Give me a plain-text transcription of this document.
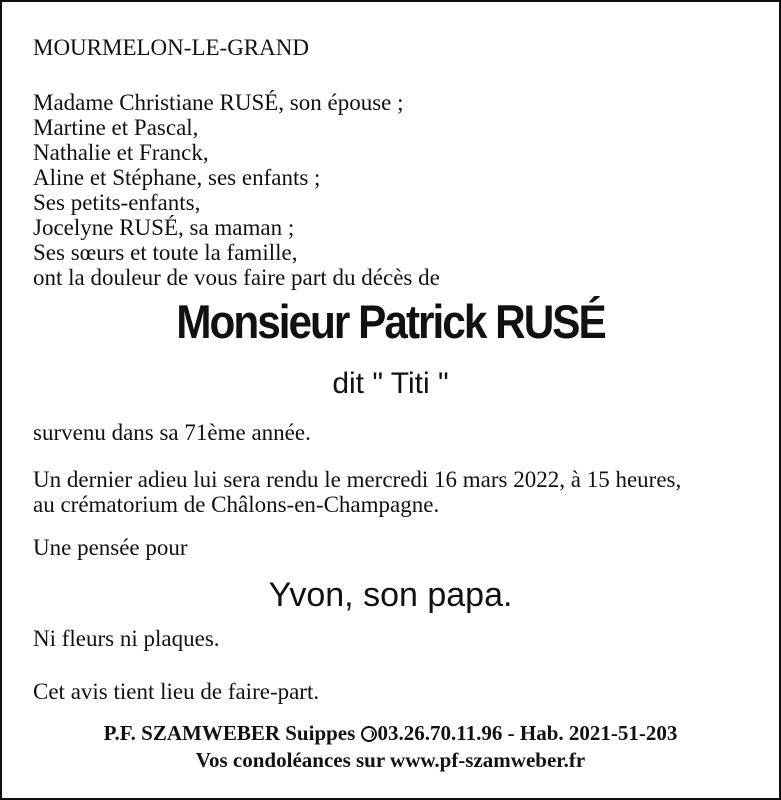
MOURMELON-LE-GRAND
Madame Christiane RUSÉ, son épouse ;
Martine et Pascal,
Nathalie et Franck,
Aline et Stéphane, ses enfants ;
Ses petits-enfants,
Jocelyne RUSÉ, sa maman ;
Ses sœurs et toute la famille,
ont la douleur de vous faire part du décès de
Monsieur Patrick RUSÉ
dit " Titi "
survenu dans sa 71ème année.
Un dernier adieu lui sera rendu le mercredi 16 mars 2022, à 15 heures,
au crématorium de Châlons-en-Champagne.
Une pensée pour
Yvon, son papa.
Ni fleurs ni plaques.
Cet avis tient lieu de faire-part.
P.F. SZAMWEBER Suippes 03.26.70.11.96 - Hab. 2021-51-203
Vos condoléances sur www.pf-szamweber.fr
